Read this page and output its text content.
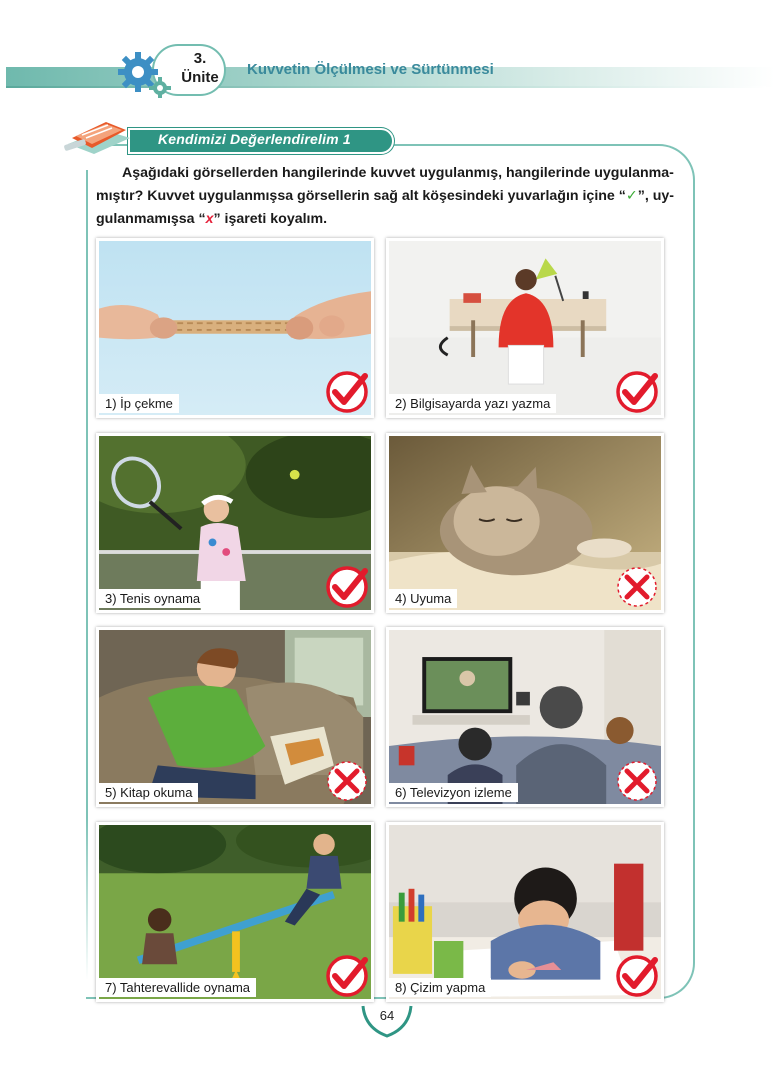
3.
Ünite	Kuvvetin Ölçülmesi ve Sürtünmesi
Kendimizi Değerlendirelim 1
Aşağıdaki görsellerden hangilerinde kuvvet uygulanmış, hangilerinde uygulanma-
mıştır? Kuvvet uygulanmışsa görsellerin sağ alt köşesindeki yuvarlağın içine “✓”, uy-
gulanmamışsa “x” işareti koyalım.
1) İp çekme	2) Bilgisayarda yazı yazma
3) Tenis oynama	4) Uyuma
5) Kitap okuma	6) Televizyon izleme
7) Tahterevallide oynama	8) Çizim yapma
64
